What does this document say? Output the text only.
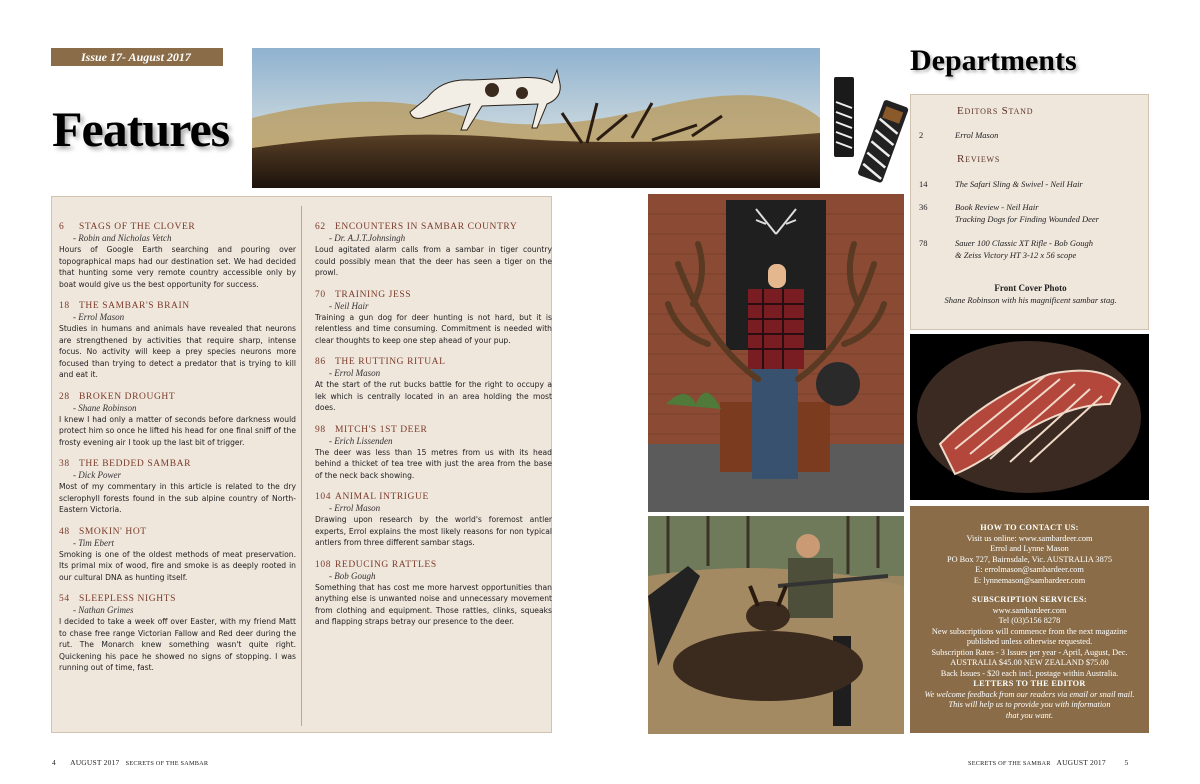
Issue 17- August 2017
Features
Departments
6 STAGS OF THE CLOVER
- Robin and Nicholas Vetch
Hours of Google Earth searching and pouring over topographical maps had our destination set. We had decided that hunting some very remote country accessible only by boat would give us the best opportunity for success.
18 THE SAMBAR'S BRAIN
- Errol Mason
Studies in humans and animals have revealed that neurons are strengthened by activities that require sharp, intense focus. No activity will keep a prey species neurons more focused than trying to detect a predator that is trying to kill and eat it.
28 BROKEN DROUGHT
- Shane Robinson
I knew I had only a matter of seconds before darkness would protect him so once he lifted his head for one final sniff of the frosty evening air I took up the last bit of trigger.
38 THE BEDDED SAMBAR
- Dick Power
Most of my commentary in this article is related to the dry sclerophyll forests found in the sub alpine country of North-Eastern Victoria.
48 SMOKIN' HOT
- Tim Ebert
Smoking is one of the oldest methods of meat preservation. Its primal mix of wood, fire and smoke is as deeply rooted in our cultural DNA as hunting itself.
54 SLEEPLESS NIGHTS
- Nathan Grimes
I decided to take a week off over Easter, with my friend Matt to chase free range Victorian Fallow and Red deer during the rut. The Monarch knew something wasn't quite right. Quickening his pace he showed no signs of stopping. I was running out of time, fast.
62 ENCOUNTERS IN SAMBAR COUNTRY
- Dr. A.J.T.Johnsingh
Loud agitated alarm calls from a sambar in tiger country could possibly mean that the deer has seen a tiger on the prowl.
70 TRAINING JESS
- Neil Hair
Training a gun dog for deer hunting is not hard, but it is relentless and time consuming. Commitment is needed with clear thoughts to keep one step ahead of your pup.
86 THE RUTTING RITUAL
- Errol Mason
At the start of the rut bucks battle for the right to occupy a lek which is centrally located in an area holding the most does.
98 MITCH'S 1ST DEER
- Erich Lissenden
The deer was less than 15 metres from us with its head behind a thicket of tea tree with just the area from the base of the neck back showing.
104 ANIMAL INTRIGUE
- Errol Mason
Drawing upon research by the world's foremost antler experts, Errol explains the most likely reasons for non typical antlers from three different sambar stags.
108 REDUCING RATTLES
- Bob Gough
Something that has cost me more harvest opportunities than anything else is unwanted noise and unnecessary movement from clothing and equipment. Those rattles, clinks, squeaks and flapping straps betray our presence to the deer.
Editors Stand
2	Errol Mason
Reviews
14	The Safari Sling & Swivel - Neil Hair
36	Book Review - Neil Hair
Tracking Dogs for Finding Wounded Deer
78	Sauer 100 Classic XT Rifle - Bob Gough
& Zeiss Victory HT 3-12 x 56 scope
Front Cover Photo
Shane Robinson with his magnificent sambar stag.
HOW TO CONTACT US:
Visit us online: www.sambardeer.com
Errol and Lynne Mason
PO Box 727, Bairnsdale, Vic. AUSTRALIA 3875
E: errolmason@sambardeer.com
E: lynnemason@sambardeer.com
SUBSCRIPTION SERVICES:
www.sambardeer.com
Tel (03)5156 8278
New subscriptions will commence from the next magazine
published unless otherwise requested.
Subscription Rates - 3 Issues per year - April, August, Dec.
AUSTRALIA $45.00 NEW ZEALAND $75.00
Back Issues - $20 each incl. postage within Australia.
LETTERS TO THE EDITOR
We welcome feedback from our readers via email or snail mail.
This will help us to provide you with information
that you want.
4 AUGUST 2017 SECRETS OF THE SAMBAR	SECRETS OF THE SAMBAR AUGUST 2017 5
